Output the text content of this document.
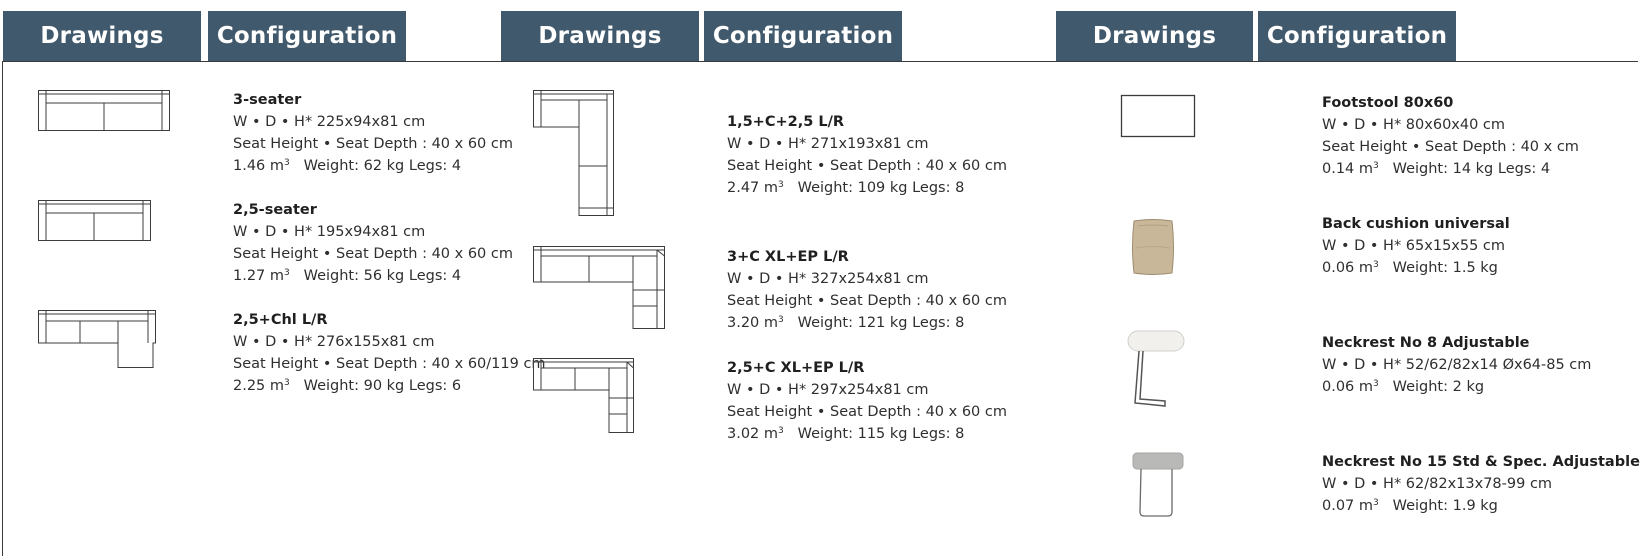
Drawings	Configuration	Drawings	Configuration	Drawings	Configuration
3-seater
W • D • H* 225x94x81 cm
Seat Height • Seat Depth : 40 x 60 cm
1.46 $m^3$ Weight: 62 kg Legs: 4
2,5-seater
W • D • H* 195x94x81 cm
Seat Height • Seat Depth : 40 x 60 cm
1.27 $m^3$ Weight: 56 kg Legs: 4
2,5+Chl L/R
W • D • H* 276x155x81 cm
Seat Height • Seat Depth : 40 x 60/119 cm
2.25 $m^3$ Weight: 90 kg Legs: 6
1,5+C+2,5 L/R
W • D • H* 271x193x81 cm
Seat Height • Seat Depth : 40 x 60 cm
2.47 $m^3$ Weight: 109 kg Legs: 8
3+C XL+EP L/R
W • D • H* 327x254x81 cm
Seat Height • Seat Depth : 40 x 60 cm
3.20 $m^3$ Weight: 121 kg Legs: 8
2,5+C XL+EP L/R
W • D • H* 297x254x81 cm
Seat Height • Seat Depth : 40 x 60 cm
3.02 $m^3$ Weight: 115 kg Legs: 8
Footstool 80x60
W • D • H* 80x60x40 cm
Seat Height • Seat Depth : 40 x cm
0.14 $m^3$ Weight: 14 kg Legs: 4
Back cushion universal
W • D • H* 65x15x55 cm
0.06 $m^3$ Weight: 1.5 kg
Neckrest No 8 Adjustable
W • D • H* 52/62/82x14 Øx64-85 cm
0.06 $m^3$ Weight: 2 kg
Neckrest No 15 Std & Spec. Adjustable
W • D • H* 62/82x13x78-99 cm
0.07 $m^3$ Weight: 1.9 kg
